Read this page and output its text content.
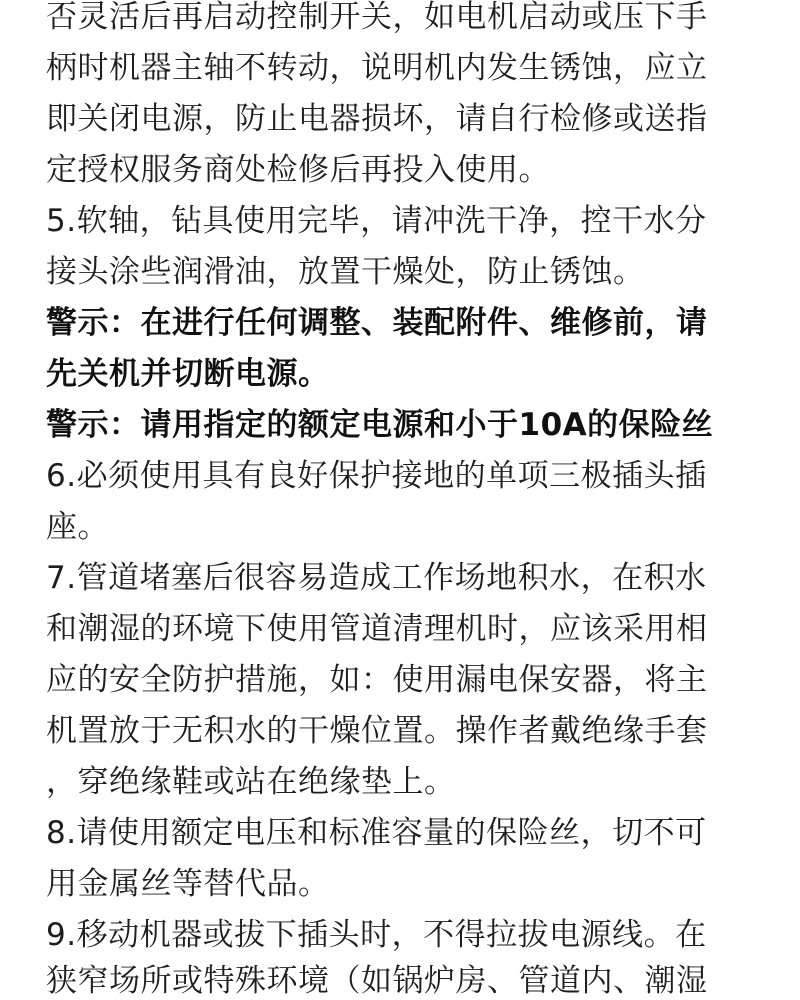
否灵活后再启动控制开关，如电机启动或压下手
柄时机器主轴不转动，说明机内发生锈蚀，应立
即关闭电源，防止电器损坏，请自行检修或送指
定授权服务商处检修后再投入使用。
5.软轴，钻具使用完毕，请冲洗干净，控干水分
接头涂些润滑油，放置干燥处，防止锈蚀。
警示：在进行任何调整、装配附件、维修前，请
先关机并切断电源。
警示：请用指定的额定电源和小于10A的保险丝
6.必须使用具有良好保护接地的单项三极插头插
座。
7.管道堵塞后很容易造成工作场地积水，在积水
和潮湿的环境下使用管道清理机时，应该采用相
应的安全防护措施，如：使用漏电保安器，将主
机置放于无积水的干燥位置。操作者戴绝缘手套
，穿绝缘鞋或站在绝缘垫上。
8.请使用额定电压和标准容量的保险丝，切不可
用金属丝等替代品。
9.移动机器或拔下插头时，不得拉拔电源线。在
狭窄场所或特殊环境（如锅炉房、管道内、潮湿
